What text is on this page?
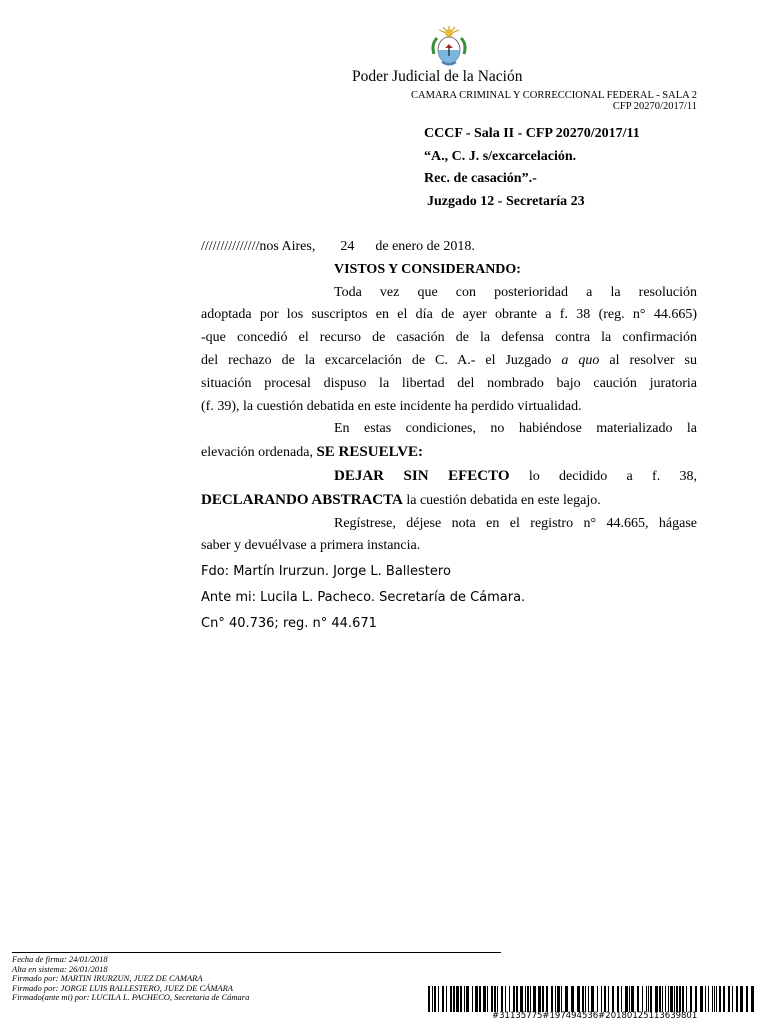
Poder Judicial de la Nación
CAMARA CRIMINAL Y CORRECCIONAL FEDERAL - SALA 2
CFP 20270/2017/11
CCCF - Sala II - CFP 20270/2017/11
“A., C. J. s/excarcelación.
Rec. de casación”.-
Juzgado 12 - Secretaría 23

///////////////nos Aires, 24 de enero de 2018.

VISTOS Y CONSIDERANDO:

Toda vez que con posterioridad a la resolución

adoptada por los suscriptos en el día de ayer obrante a f. 38 (reg. n° 44.665)

-que concedió el recurso de casación de la defensa contra la confirmación

del rechazo de la excarcelación de C. A.- el Juzgado a quo al resolver su

situación procesal dispuso la libertad del nombrado bajo caución juratoria

(f. 39), la cuestión debatida en este incidente ha perdido virtualidad.

En estas condiciones, no habiéndose materializado la

elevación ordenada, SE RESUELVE:

DEJAR SIN EFECTO lo decidido a f. 38,

DECLARANDO ABSTRACTA la cuestión debatida en este legajo.

Regístrese, déjese nota en el registro n° 44.665, hágase

saber y devuélvase a primera instancia.

Fdo: Martín Irurzun. Jorge L. Ballestero
Ante mi: Lucila L. Pacheco. Secretaría de Cámara.
Cn° 40.736; reg. n° 44.671
Fecha de firma: 24/01/2018
Alta en sistema: 26/01/2018
Firmado por: MARTIN IRURZUN, JUEZ DE CAMARA
Firmado por: JORGE LUIS BALLESTERO, JUEZ DE CÁMARA
Firmado(ante mi) por: LUCILA L. PACHECO, Secretaria de Cámara
#31135775#197494536#20180125113639801
